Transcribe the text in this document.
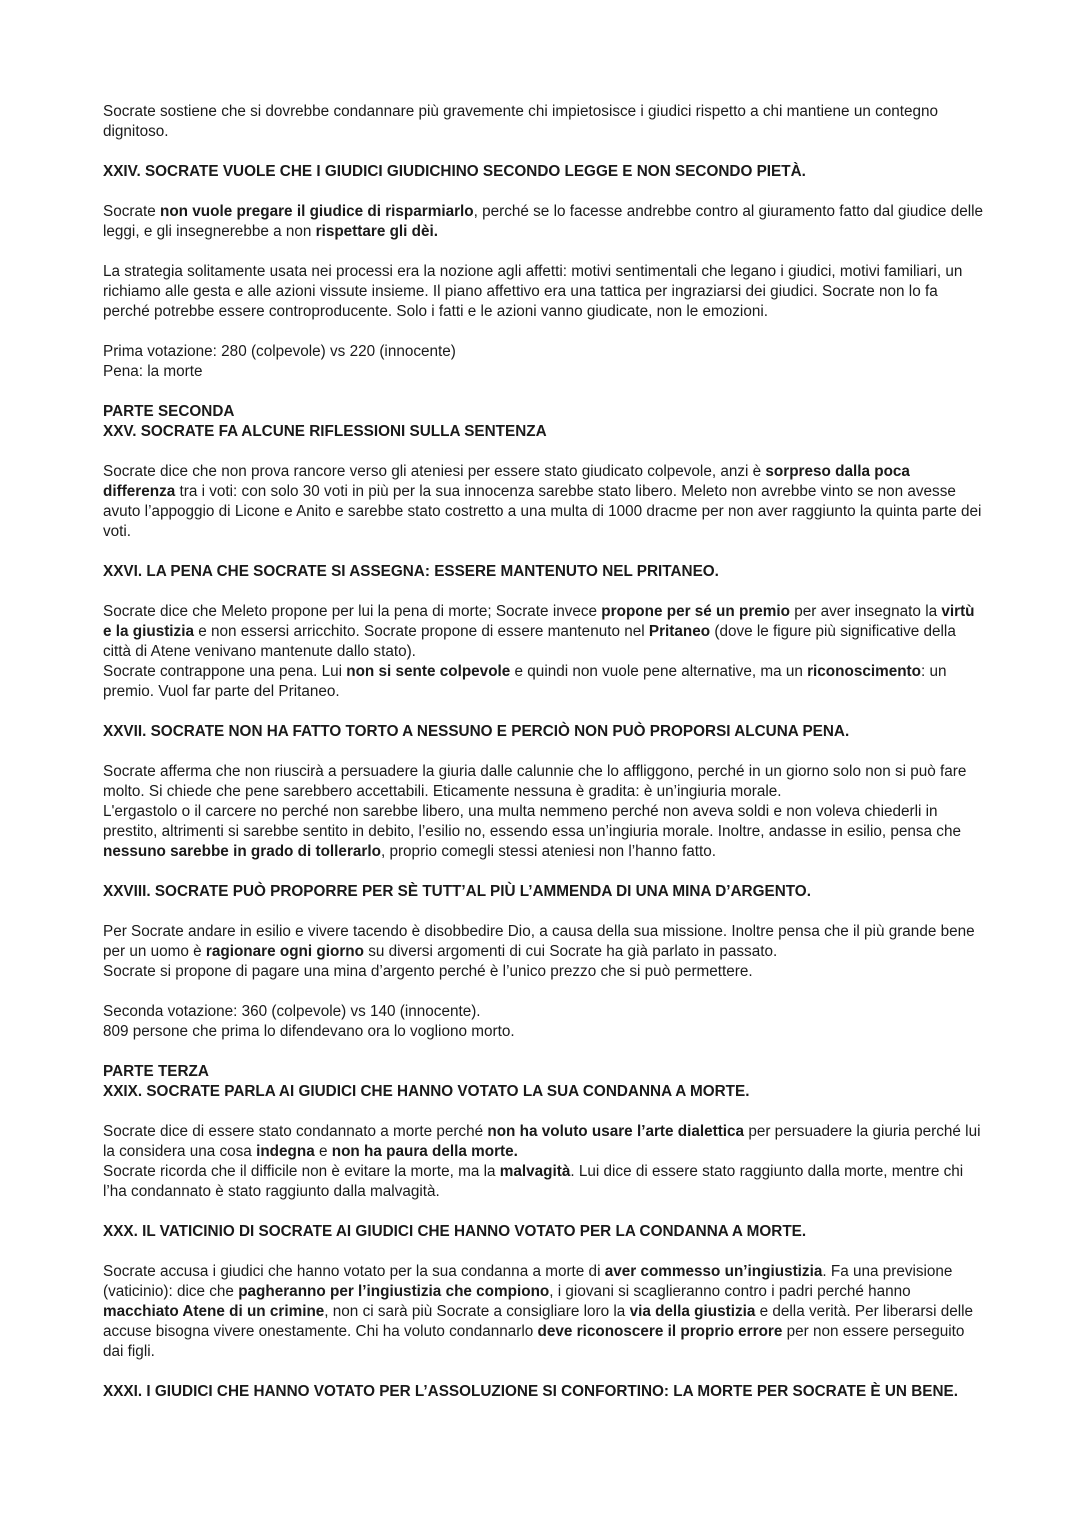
Socrate sostiene che si dovrebbe condannare più gravemente chi impietosisce i giudici rispetto a chi mantiene un contegno dignitoso.
XXIV. SOCRATE VUOLE CHE I GIUDICI GIUDICHINO SECONDO LEGGE E NON SECONDO PIETÀ.
Socrate non vuole pregare il giudice di risparmiarlo, perché se lo facesse andrebbe contro al giuramento fatto dal giudice delle leggi, e gli insegnerebbe a non rispettare gli dèi.
La strategia solitamente usata nei processi era la nozione agli affetti: motivi sentimentali che legano i giudici, motivi familiari, un richiamo alle gesta e alle azioni vissute insieme. Il piano affettivo era una tattica per ingraziarsi dei giudici. Socrate non lo fa perché potrebbe essere controproducente. Solo i fatti e le azioni vanno giudicate, non le emozioni.
Prima votazione: 280 (colpevole) vs 220 (innocente)
Pena: la morte
PARTE SECONDA
XXV. SOCRATE FA ALCUNE RIFLESSIONI SULLA SENTENZA
Socrate dice che non prova rancore verso gli ateniesi per essere stato giudicato colpevole, anzi è sorpreso dalla poca differenza tra i voti: con solo 30 voti in più per la sua innocenza sarebbe stato libero. Meleto non avrebbe vinto se non avesse avuto l’appoggio di Licone e Anito e sarebbe stato costretto a una multa di 1000 dracme per non aver raggiunto la quinta parte dei voti.
XXVI. LA PENA CHE SOCRATE SI ASSEGNA: ESSERE MANTENUTO NEL PRITANEO.
Socrate dice che Meleto propone per lui la pena di morte; Socrate invece propone per sé un premio per aver insegnato la virtù e la giustizia e non essersi arricchito. Socrate propone di essere mantenuto nel Pritaneo (dove le figure più significative della città di Atene venivano mantenute dallo stato).
Socrate contrappone una pena. Lui non si sente colpevole e quindi non vuole pene alternative, ma un riconoscimento: un premio. Vuol far parte del Pritaneo.
XXVII. SOCRATE NON HA FATTO TORTO A NESSUNO E PERCIÒ NON PUÒ PROPORSI ALCUNA PENA.
Socrate afferma che non riuscirà a persuadere la giuria dalle calunnie che lo affliggono, perché in un giorno solo non si può fare molto. Si chiede che pene sarebbero accettabili. Eticamente nessuna è gradita: è un’ingiuria morale.
L'ergastolo o il carcere no perché non sarebbe libero, una multa nemmeno perché non aveva soldi e non voleva chiederli in prestito, altrimenti si sarebbe sentito in debito, l’esilio no, essendo essa un’ingiuria morale. Inoltre, andasse in esilio, pensa che nessuno sarebbe in grado di tollerarlo, proprio comegli stessi ateniesi non l’hanno fatto.
XXVIII. SOCRATE PUÒ PROPORRE PER SÈ TUTT’AL PIÙ L’AMMENDA DI UNA MINA D’ARGENTO.
Per Socrate andare in esilio e vivere tacendo è disobbedire Dio, a causa della sua missione. Inoltre pensa che il più grande bene per un uomo è ragionare ogni giorno su diversi argomenti di cui Socrate ha già parlato in passato.
Socrate si propone di pagare una mina d’argento perché è l’unico prezzo che si può permettere.
Seconda votazione: 360 (colpevole) vs 140 (innocente).
809 persone che prima lo difendevano ora lo vogliono morto.
PARTE TERZA
XXIX. SOCRATE PARLA AI GIUDICI CHE HANNO VOTATO LA SUA CONDANNA A MORTE.
Socrate dice di essere stato condannato a morte perché non ha voluto usare l’arte dialettica per persuadere la giuria perché lui la considera una cosa indegna e non ha paura della morte.
Socrate ricorda che il difficile non è evitare la morte, ma la malvagità. Lui dice di essere stato raggiunto dalla morte, mentre chi l’ha condannato è stato raggiunto dalla malvagità.
XXX. IL VATICINIO DI SOCRATE AI GIUDICI CHE HANNO VOTATO PER LA CONDANNA A MORTE.
Socrate accusa i giudici che hanno votato per la sua condanna a morte di aver commesso un’ingiustizia. Fa una previsione (vaticinio): dice che pagheranno per l’ingiustizia che compiono, i giovani si scaglieranno contro i padri perché hanno macchiato Atene di un crimine, non ci sarà più Socrate a consigliare loro la via della giustizia e della verità. Per liberarsi delle accuse bisogna vivere onestamente. Chi ha voluto condannarlo deve riconoscere il proprio errore per non essere perseguito dai figli.
XXXI. I GIUDICI CHE HANNO VOTATO PER L’ASSOLUZIONE SI CONFORTINO: LA MORTE PER SOCRATE È UN BENE.
